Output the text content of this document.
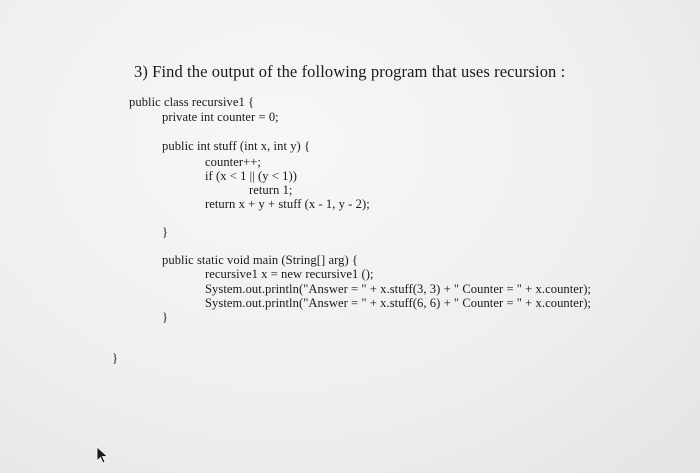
3) Find the output of the following program that uses recursion :
public class recursive1 {
private int counter = 0;
public int stuff (int x, int y) {
counter++;
if (x < 1 || (y < 1))
return 1;
return x + y + stuff (x - 1, y - 2);
}
public static void main (String[] arg) {
recursive1 x = new recursive1 ();
System.out.println("Answer = " + x.stuff(3, 3) + " Counter = " + x.counter);
System.out.println("Answer = " + x.stuff(6, 6) + " Counter = " + x.counter);
}
}
